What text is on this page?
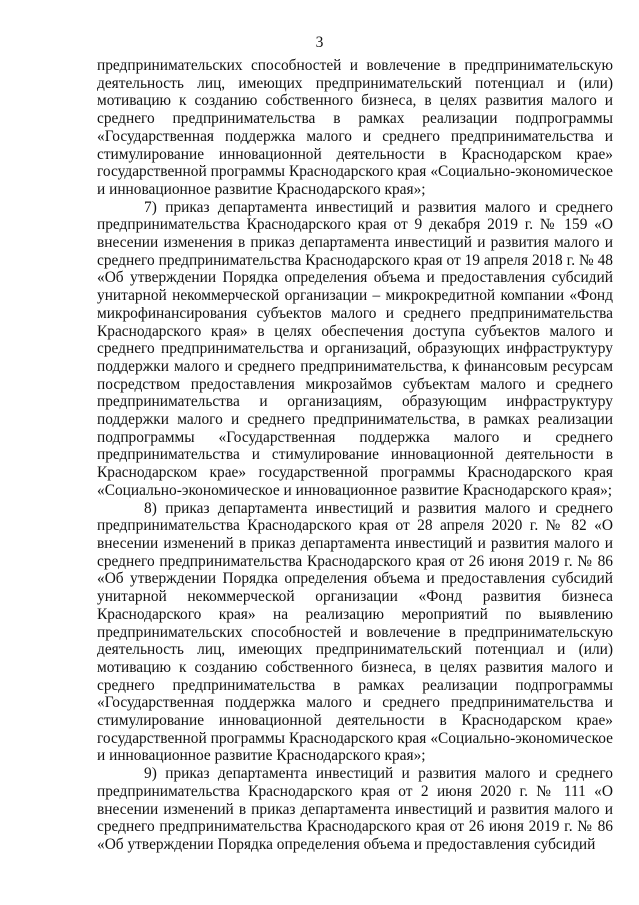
3

предпринимательских способностей и вовлечение в предпринимательскую деятельность лиц, имеющих предпринимательский потенциал и (или) мотивацию к созданию собственного бизнеса, в целях развития малого и среднего предпринимательства в рамках реализации подпрограммы «Государственная поддержка малого и среднего предпринимательства и стимулирование инновационной деятельности в Краснодарском крае» государственной программы Краснодарского края «Социально-экономическое и инновационное развитие Краснодарского края»;

7) приказ департамента инвестиций и развития малого и среднего предпринимательства Краснодарского края от 9 декабря 2019 г. № 159 «О внесении изменения в приказ департамента инвестиций и развития малого и среднего предпринимательства Краснодарского края от 19 апреля 2018 г. № 48 «Об утверждении Порядка определения объема и предоставления субсидий унитарной некоммерческой организации – микрокредитной компании «Фонд микрофинансирования субъектов малого и среднего предпринимательства Краснодарского края» в целях обеспечения доступа субъектов малого и среднего предпринимательства и организаций, образующих инфраструктуру поддержки малого и среднего предпринимательства, к финансовым ресурсам посредством предоставления микрозаймов субъектам малого и среднего предпринимательства и организациям, образующим инфраструктуру поддержки малого и среднего предпринимательства, в рамках реализации подпрограммы «Государственная поддержка малого и среднего предпринимательства и стимулирование инновационной деятельности в Краснодарском крае» государственной программы Краснодарского края «Социально-экономическое и инновационное развитие Краснодарского края»;

8) приказ департамента инвестиций и развития малого и среднего предпринимательства Краснодарского края от 28 апреля 2020 г. № 82 «О внесении изменений в приказ департамента инвестиций и развития малого и среднего предпринимательства Краснодарского края от 26 июня 2019 г. № 86 «Об утверждении Порядка определения объема и предоставления субсидий унитарной некоммерческой организации «Фонд развития бизнеса Краснодарского края» на реализацию мероприятий по выявлению предпринимательских способностей и вовлечение в предпринимательскую деятельность лиц, имеющих предпринимательский потенциал и (или) мотивацию к созданию собственного бизнеса, в целях развития малого и среднего предпринимательства в рамках реализации подпрограммы «Государственная поддержка малого и среднего предпринимательства и стимулирование инновационной деятельности в Краснодарском крае» государственной программы Краснодарского края «Социально-экономическое и инновационное развитие Краснодарского края»;

9) приказ департамента инвестиций и развития малого и среднего предпринимательства Краснодарского края от 2 июня 2020 г. № 111 «О внесении изменений в приказ департамента инвестиций и развития малого и среднего предпринимательства Краснодарского края от 26 июня 2019 г. № 86 «Об утверждении Порядка определения объема и предоставления субсидий
